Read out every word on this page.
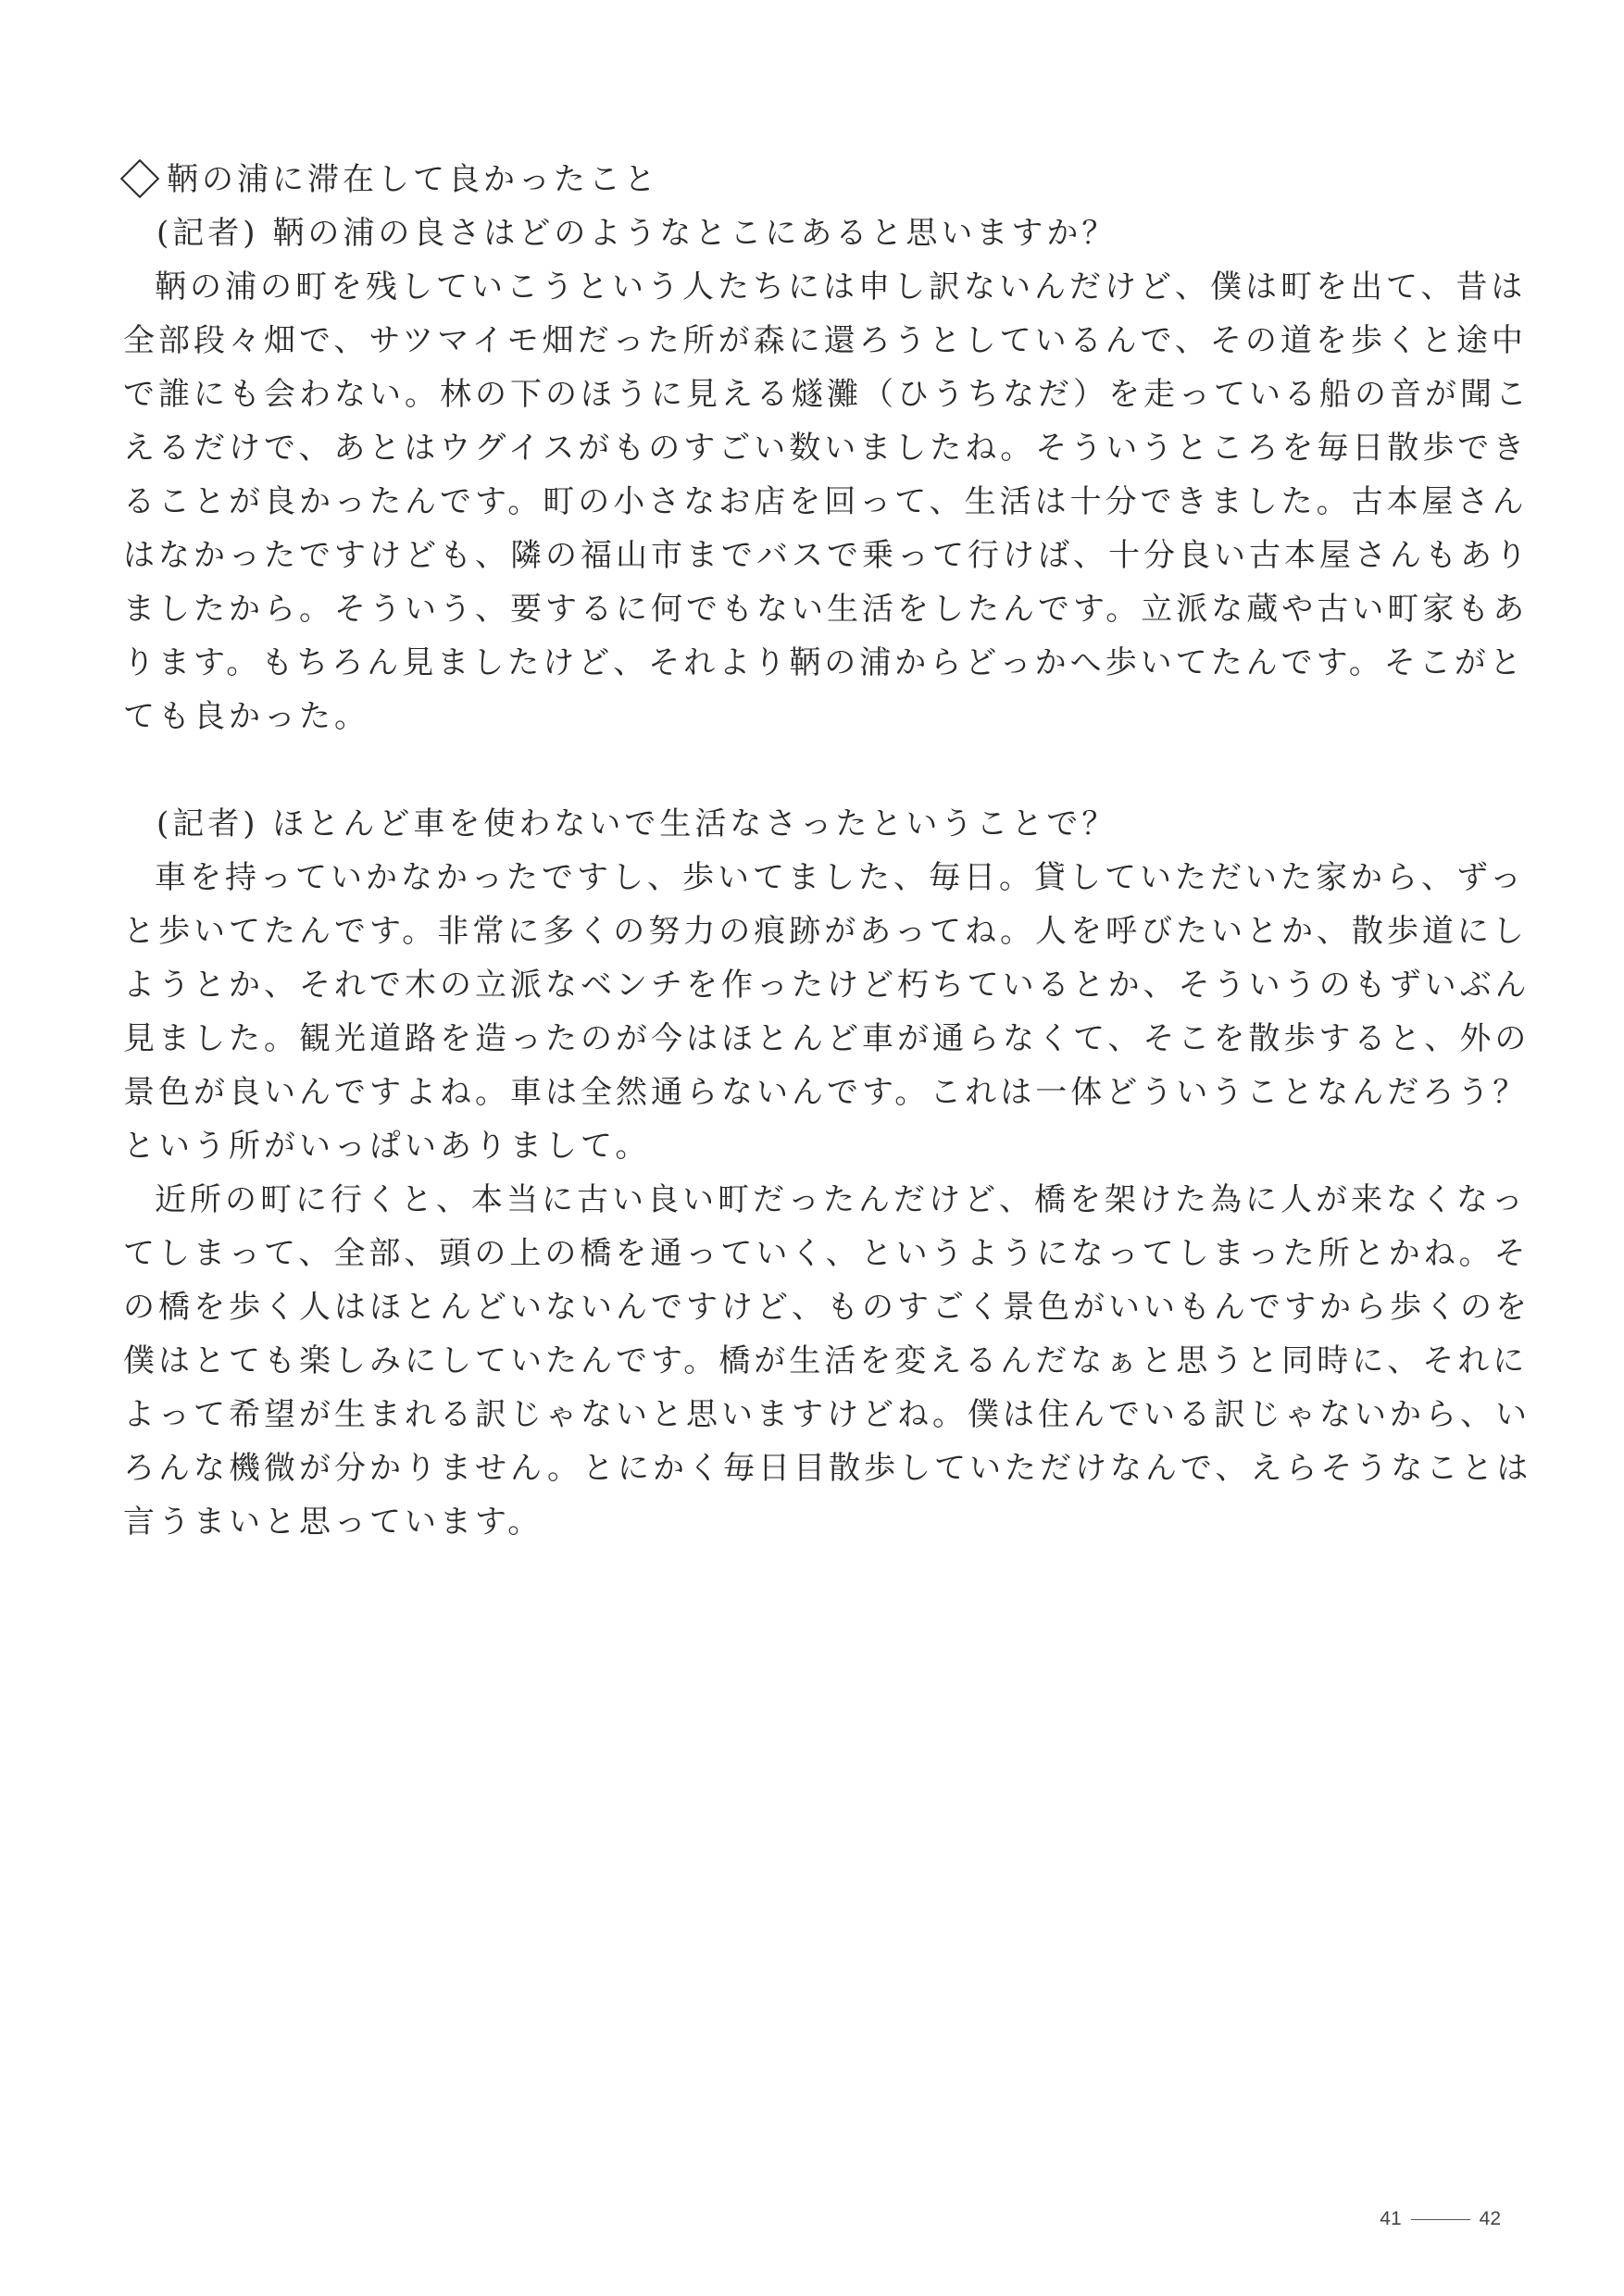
鞆の浦に滞在して良かったこと
(記者) 鞆の浦の良さはどのようなとこにあると思いますか？
鞆の浦の町を残していこうという人たちには申し訳ないんだけど、僕は町を出て、昔は
全部段々畑で、サツマイモ畑だった所が森に還ろうとしているんで、その道を歩くと途中
で誰にも会わない。林の下のほうに見える燧灘（ひうちなだ）を走っている船の音が聞こ
えるだけで、あとはウグイスがものすごい数いましたね。そういうところを毎日散歩でき
ることが良かったんです。町の小さなお店を回って、生活は十分できました。古本屋さん
はなかったですけども、隣の福山市までバスで乗って行けば、十分良い古本屋さんもあり
ましたから。そういう、要するに何でもない生活をしたんです。立派な蔵や古い町家もあ
ります。もちろん見ましたけど、それより鞆の浦からどっかへ歩いてたんです。そこがと
ても良かった。
(記者) ほとんど車を使わないで生活なさったということで？
車を持っていかなかったですし、歩いてました、毎日。貸していただいた家から、ずっ
と歩いてたんです。非常に多くの努力の痕跡があってね。人を呼びたいとか、散歩道にし
ようとか、それで木の立派なベンチを作ったけど朽ちているとか、そういうのもずいぶん
見ました。観光道路を造ったのが今はほとんど車が通らなくて、そこを散歩すると、外の
景色が良いんですよね。車は全然通らないんです。これは一体どういうことなんだろう？
という所がいっぱいありまして。
近所の町に行くと、本当に古い良い町だったんだけど、橋を架けた為に人が来なくなっ
てしまって、全部、頭の上の橋を通っていく、というようになってしまった所とかね。そ
の橋を歩く人はほとんどいないんですけど、ものすごく景色がいいもんですから歩くのを
僕はとても楽しみにしていたんです。橋が生活を変えるんだなぁと思うと同時に、それに
よって希望が生まれる訳じゃないと思いますけどね。僕は住んでいる訳じゃないから、い
ろんな機微が分かりません。とにかく毎日目散歩していただけなんで、えらそうなことは
言うまいと思っています。
41	42
